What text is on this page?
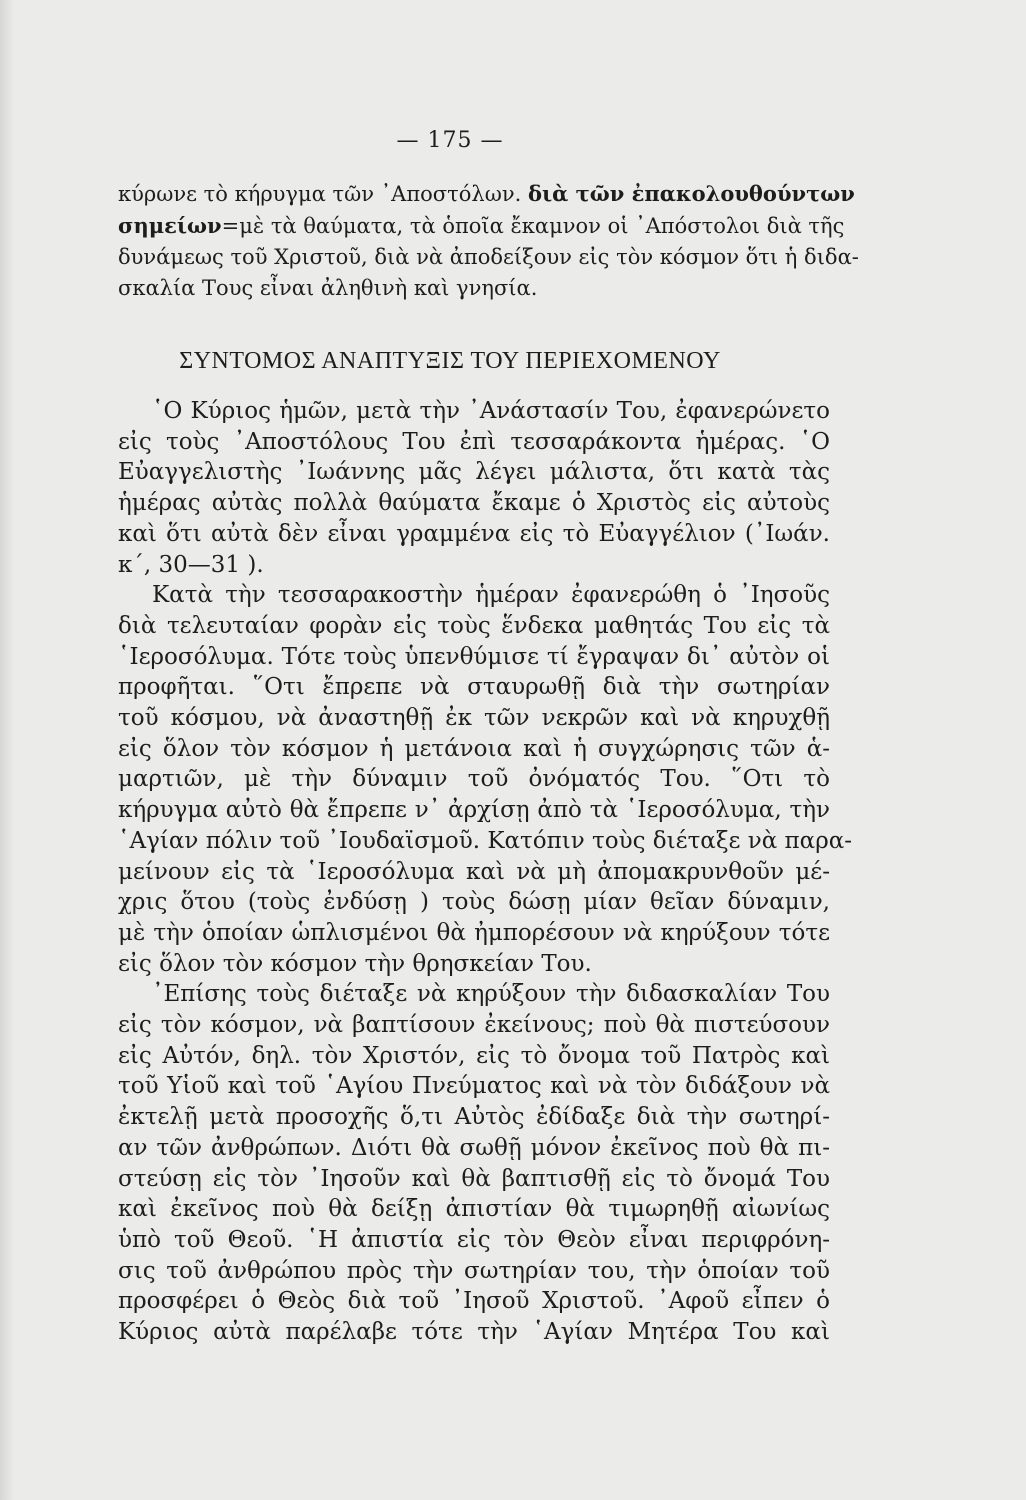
— 175 —
κύρωνε τὸ κήρυγμα τῶν ᾿Αποστόλων. διὰ τῶν ἐπακολουθούντων
σημείων=μὲ τὰ θαύματα, τὰ ὁποῖα ἔκαμνον οἱ ᾿Απόστολοι διὰ τῆς
δυνάμεως τοῦ Χριστοῦ, διὰ νὰ ἀποδείξουν εἰς τὸν κόσμον ὅτι ἡ διδα-
σκαλία Τους εἶναι ἀληθινὴ καὶ γνησία.
ΣΥΝΤΟΜΟΣ ΑΝΑΠΤΥΞΙΣ ΤΟΥ ΠΕΡΙΕΧΟΜΕΝΟΥ
῾Ο Κύριος ἡμῶν, μετὰ τὴν ᾿Ανάστασίν Του, ἐφανερώνετο
εἰς τοὺς ᾿Αποστόλους Του ἐπὶ τεσσαράκοντα ἡμέρας. ῾Ο
Εὐαγγελιστὴς ᾿Ιωάννης μᾶς λέγει μάλιστα, ὅτι κατὰ τὰς
ἡμέρας αὐτὰς πολλὰ θαύματα ἔκαμε ὁ Χριστὸς εἰς αὐτοὺς
καὶ ὅτι αὐτὰ δὲν εἶναι γραμμένα εἰς τὸ Εὐαγγέλιον (᾿Ιωάν.
κ΄, 30—31 ).
Κατὰ τὴν τεσσαρακοστὴν ἡμέραν ἐφανερώθη ὁ ᾿Ιησοῦς
διὰ τελευταίαν φορὰν εἰς τοὺς ἕνδεκα μαθητάς Του εἰς τὰ
῾Ιεροσόλυμα. Τότε τοὺς ὑπενθύμισε τί ἔγραψαν δι᾿ αὐτὸν οἱ
προφῆται. ῞Οτι ἔπρεπε νὰ σταυρωθῇ διὰ τὴν σωτηρίαν
τοῦ κόσμου, νὰ ἀναστηθῇ ἐκ τῶν νεκρῶν καὶ νὰ κηρυχθῇ
εἰς ὅλον τὸν κόσμον ἡ μετάνοια καὶ ἡ συγχώρησις τῶν ἁ-
μαρτιῶν, μὲ τὴν δύναμιν τοῦ ὀνόματός Του. ῞Οτι τὸ
κήρυγμα αὐτὸ θὰ ἔπρεπε ν᾿ ἀρχίσῃ ἀπὸ τὰ ῾Ιεροσόλυμα, τὴν
῾Αγίαν πόλιν τοῦ ᾿Ιουδαϊσμοῦ. Κατόπιν τοὺς διέταξε νὰ παρα-
μείνουν εἰς τὰ ῾Ιεροσόλυμα καὶ νὰ μὴ ἀπομακρυνθοῦν μέ-
χρις ὅτου (τοὺς ἐνδύσῃ ) τοὺς δώσῃ μίαν θεῖαν δύναμιν,
μὲ τὴν ὁποίαν ὡπλισμένοι θὰ ἠμπορέσουν νὰ κηρύξουν τότε
εἰς ὅλον τὸν κόσμον τὴν θρησκείαν Του.
᾿Επίσης τοὺς διέταξε νὰ κηρύξουν τὴν διδασκαλίαν Του
εἰς τὸν κόσμον, νὰ βαπτίσουν ἐκείνους; ποὺ θὰ πιστεύσουν
εἰς Αὐτόν, δηλ. τὸν Χριστόν, εἰς τὸ ὄνομα τοῦ Πατρὸς καὶ
τοῦ Υἱοῦ καὶ τοῦ ῾Αγίου Πνεύματος καὶ νὰ τὸν διδάξουν νὰ
ἐκτελῇ μετὰ προσοχῆς ὅ,τι Αὐτὸς ἐδίδαξε διὰ τὴν σωτηρί-
αν τῶν ἀνθρώπων. Διότι θὰ σωθῇ μόνον ἐκεῖνος ποὺ θὰ πι-
στεύσῃ εἰς τὸν ᾿Ιησοῦν καὶ θὰ βαπτισθῇ εἰς τὸ ὄνομά Του
καὶ ἐκεῖνος ποὺ θὰ δείξῃ ἀπιστίαν θὰ τιμωρηθῇ αἰωνίως
ὑπὸ τοῦ Θεοῦ. ῾Η ἀπιστία εἰς τὸν Θεὸν εἶναι περιφρόνη-
σις τοῦ ἀνθρώπου πρὸς τὴν σωτηρίαν του, τὴν ὁποίαν τοῦ
προσφέρει ὁ Θεὸς διὰ τοῦ ᾿Ιησοῦ Χριστοῦ. ᾿Αφοῦ εἶπεν ὁ
Κύριος αὐτὰ παρέλαβε τότε τὴν ῾Αγίαν Μητέρα Του καὶ
